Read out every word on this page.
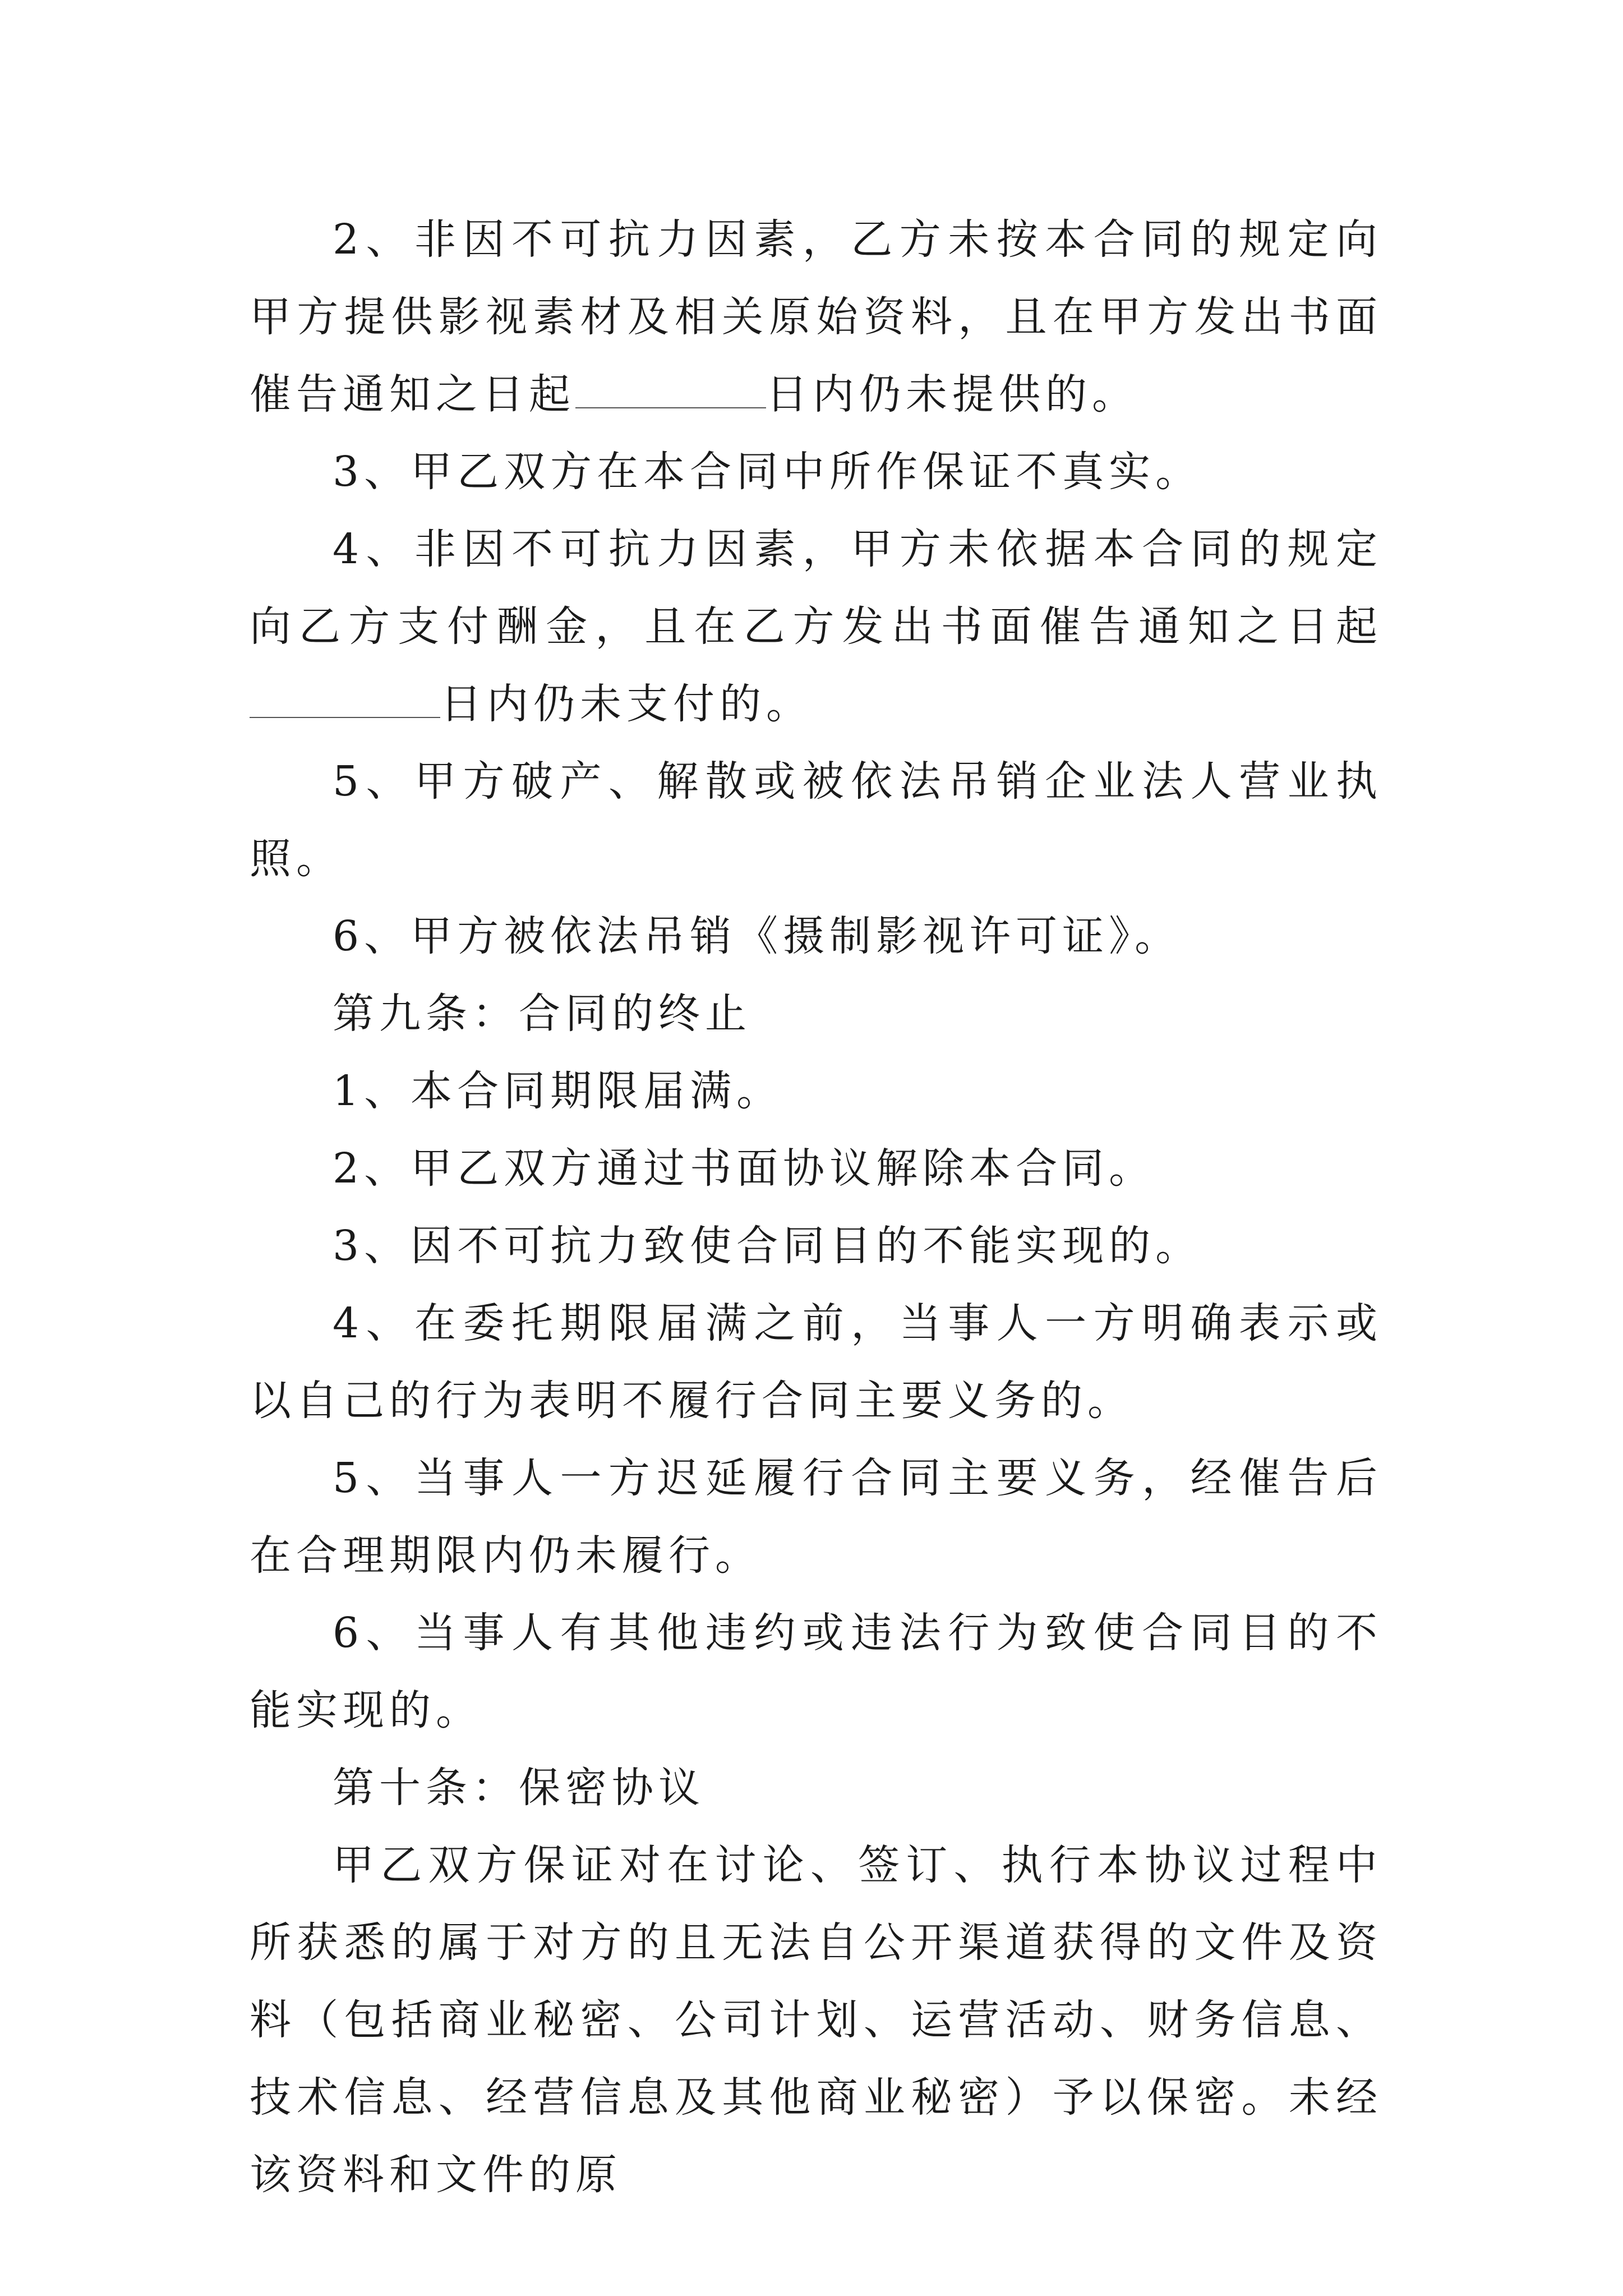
2、非因不可抗力因素，乙方未按本合同的规定向甲方提供影视素材及相关原始资料，且在甲方发出书面催告通知之日起	日内仍未提供的。

3、甲乙双方在本合同中所作保证不真实。

4、非因不可抗力因素，甲方未依据本合同的规定向乙方支付酬金，且在乙方发出书面催告通知之日起日内仍未支付的。

5、甲方破产、解散或被依法吊销企业法人营业执照。

6、甲方被依法吊销《摄制影视许可证》。

第九条：合同的终止

1、本合同期限届满。

2、甲乙双方通过书面协议解除本合同。

3、因不可抗力致使合同目的不能实现的。

4、在委托期限届满之前，当事人一方明确表示或以自己的行为表明不履行合同主要义务的。

5、当事人一方迟延履行合同主要义务，经催告后在合理期限内仍未履行。

6、当事人有其他违约或违法行为致使合同目的不能实现的。

第十条：保密协议

甲乙双方保证对在讨论、签订、执行本协议过程中所获悉的属于对方的且无法自公开渠道获得的文件及资料（包括商业秘密、公司计划、运营活动、财务信息、技术信息、经营信息及其他商业秘密）予以保密。未经该资料和文件的原
